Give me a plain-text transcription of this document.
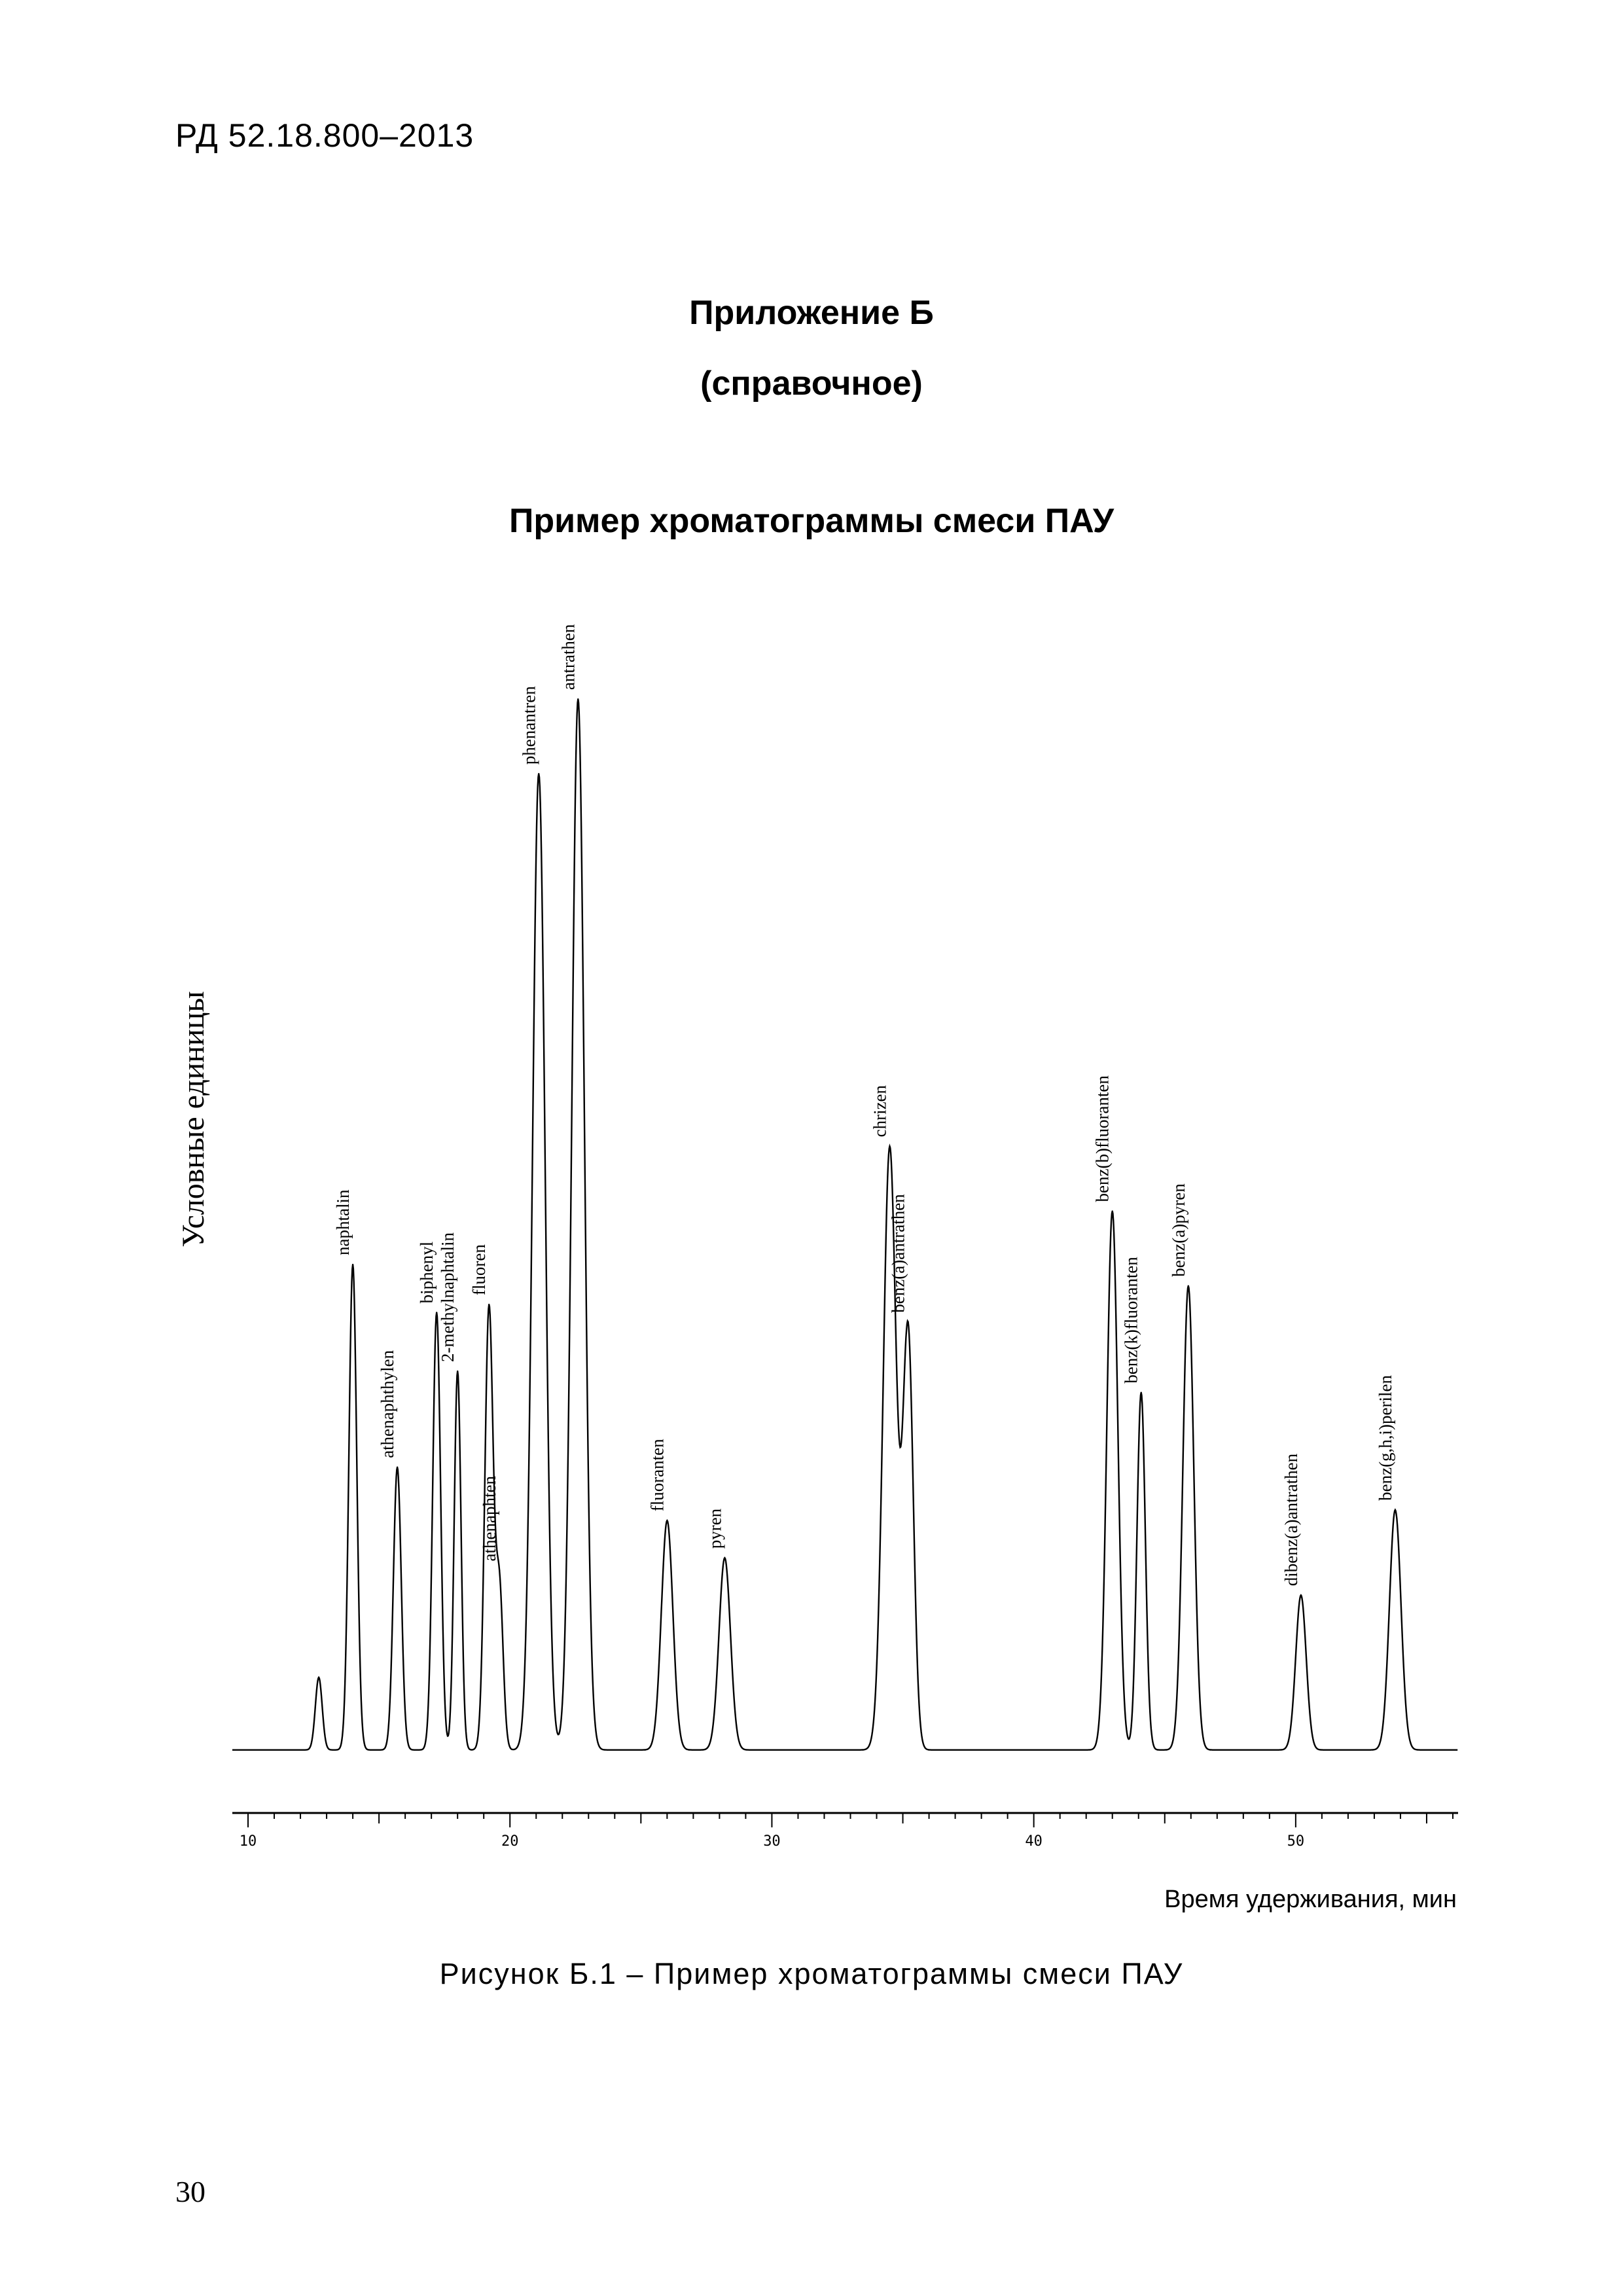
РД 52.18.800–2013
Приложение Б
(справочное)
Пример хроматограммы смеси ПАУ
naphtalin
athenaphthylen
biphenyl 2-methylnaphtalin fluoren
athenaphten
phenantren
antrathen
fluoranten
pyren
chrizen
benz(a)antrathen
benz(b)fluoranten
benz(k)fluoranten
benz(a)pyren
dibenz(a)antrathen
benz(g,h,i)perilen
10	20	30	40	50
Условные единицы
Время удерживания, мин
Рисунок Б.1 – Пример хроматограммы смеси ПАУ
30
